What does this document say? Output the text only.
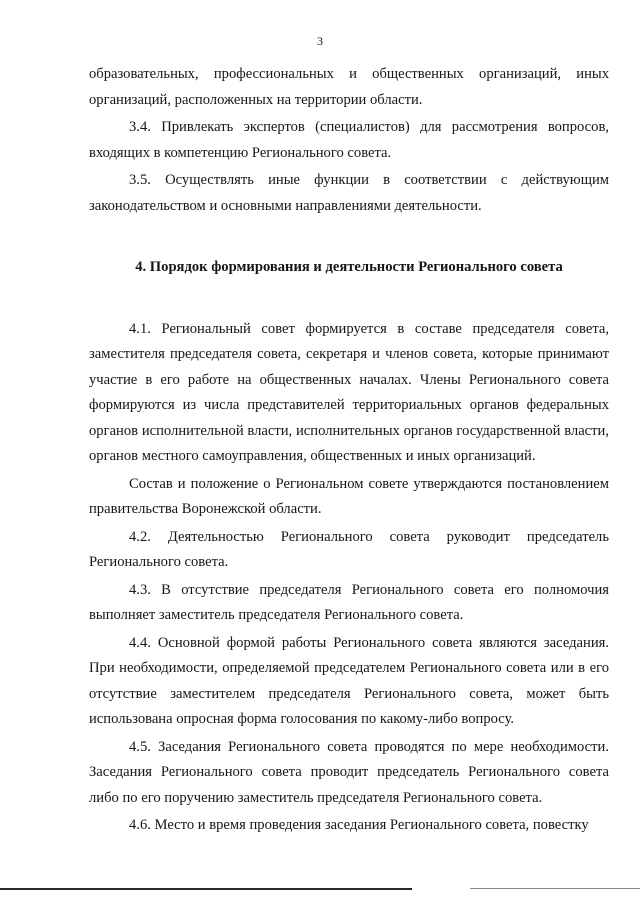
3

образовательных, профессиональных и общественных организаций, иных организаций, расположенных на территории области.

3.4. Привлекать экспертов (специалистов) для рассмотрения вопросов, входящих в компетенцию Регионального совета.

3.5. Осуществлять иные функции в соответствии с действующим законодательством и основными направлениями деятельности.

4. Порядок формирования и деятельности Регионального совета

4.1. Региональный совет формируется в составе председателя совета, заместителя председателя совета, секретаря и членов совета, которые принимают участие в его работе на общественных началах. Члены Регионального совета формируются из числа представителей территориальных органов федеральных органов исполнительной власти, исполнительных органов государственной власти, органов местного самоуправления, общественных и иных организаций.

Состав и положение о Региональном совете утверждаются постановлением правительства Воронежской области.

4.2. Деятельностью Регионального совета руководит председатель Регионального совета.

4.3. В отсутствие председателя Регионального совета его полномочия выполняет заместитель председателя Регионального совета.

4.4. Основной формой работы Регионального совета являются заседания. При необходимости, определяемой председателем Регионального совета или в его отсутствие заместителем председателя Регионального совета, может быть использована опросная форма голосования по какому-либо вопросу.

4.5. Заседания Регионального совета проводятся по мере необходимости. Заседания Регионального совета проводит председатель Регионального совета либо по его поручению заместитель председателя Регионального совета.

4.6. Место и время проведения заседания Регионального совета, повестку
